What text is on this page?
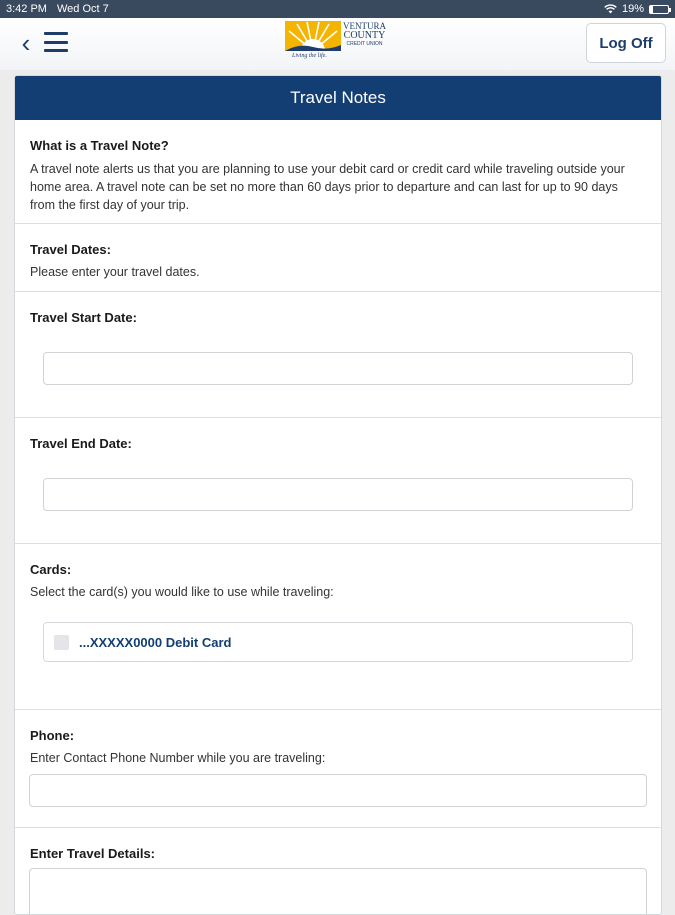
3:42 PM Wed Oct 7	19%
‹
VENTURA
COUNTY
CREDIT UNION
Living the life.
Log Off
Travel Notes
What is a Travel Note?
A travel note alerts us that you are planning to use your debit card or credit card while traveling outside your home area. A travel note can be set no more than 60 days prior to departure and can last for up to 90 days from the first day of your trip.
Travel Dates:
Please enter your travel dates.
Travel Start Date:
Travel End Date:
Cards:
Select the card(s) you would like to use while traveling:
...XXXXX0000 Debit Card
Phone:
Enter Contact Phone Number while you are traveling:
Enter Travel Details:
